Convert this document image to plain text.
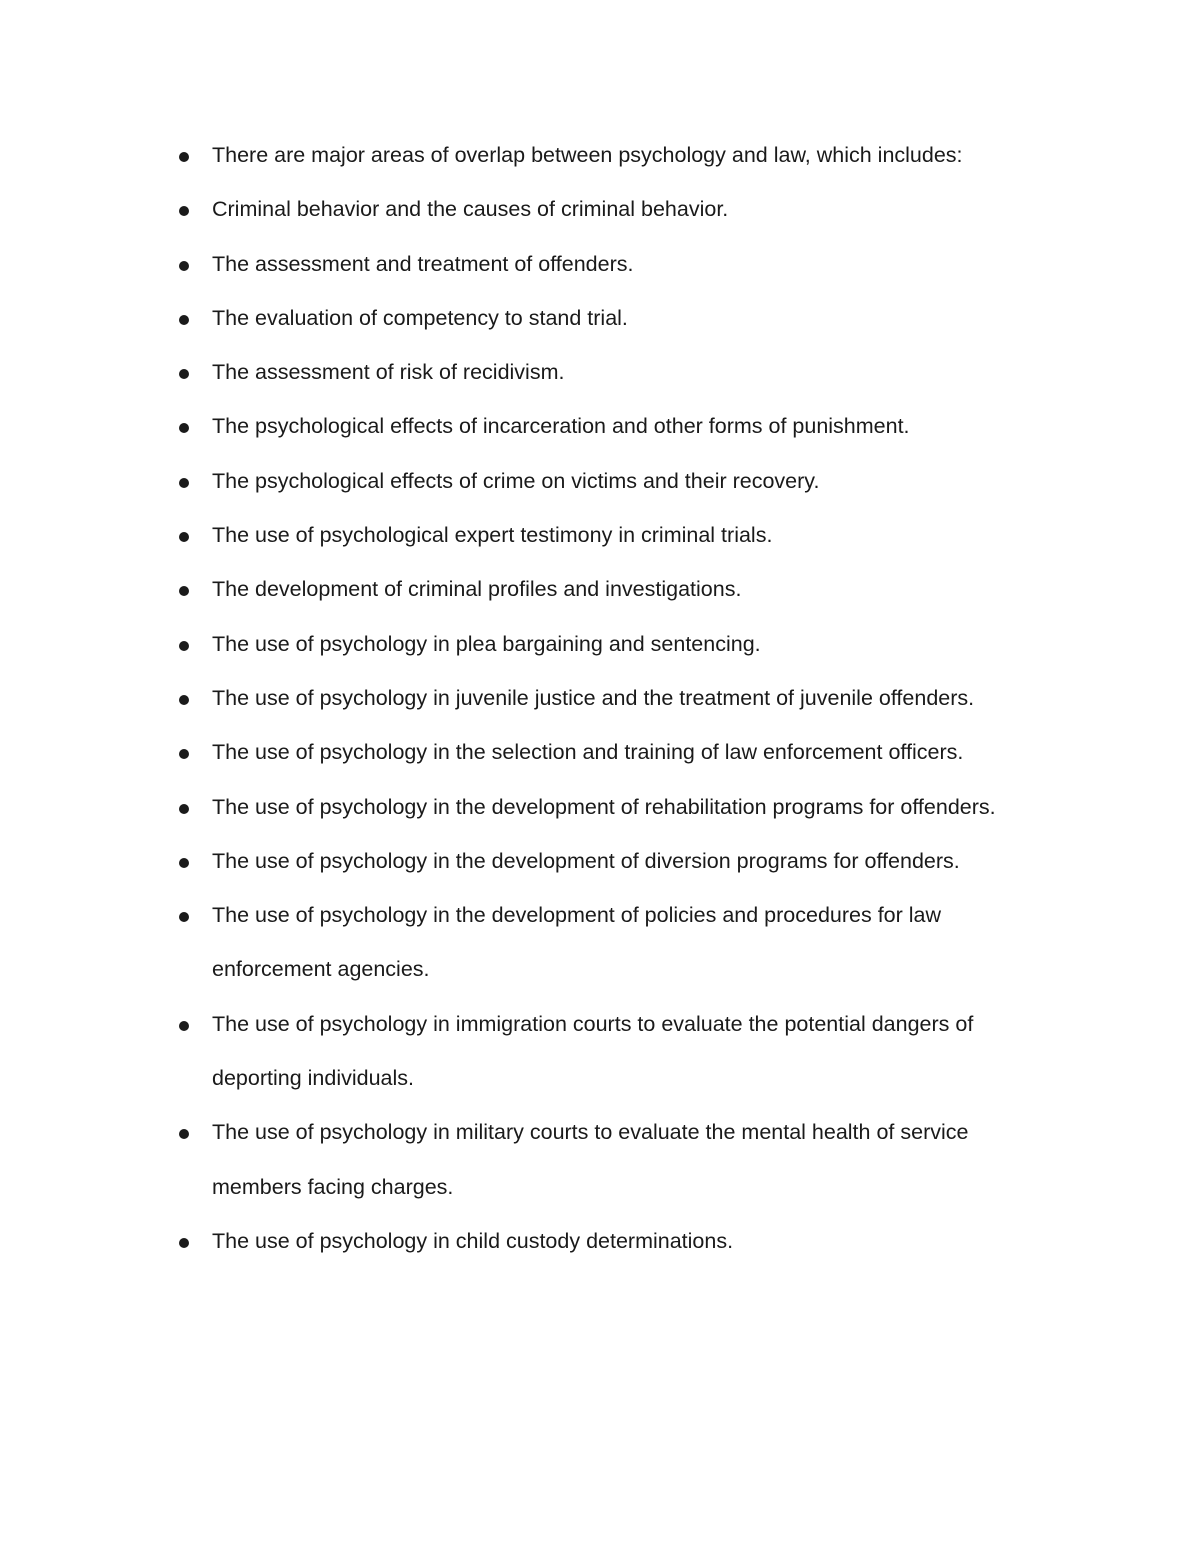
There are major areas of overlap between psychology and law, which includes:
Criminal behavior and the causes of criminal behavior.
The assessment and treatment of offenders.
The evaluation of competency to stand trial.
The assessment of risk of recidivism.
The psychological effects of incarceration and other forms of punishment.
The psychological effects of crime on victims and their recovery.
The use of psychological expert testimony in criminal trials.
The development of criminal profiles and investigations.
The use of psychology in plea bargaining and sentencing.
The use of psychology in juvenile justice and the treatment of juvenile offenders.
The use of psychology in the selection and training of law enforcement officers.
The use of psychology in the development of rehabilitation programs for offenders.
The use of psychology in the development of diversion programs for offenders.
The use of psychology in the development of policies and procedures for law enforcement agencies.
The use of psychology in immigration courts to evaluate the potential dangers of deporting individuals.
The use of psychology in military courts to evaluate the mental health of service members facing charges.
The use of psychology in child custody determinations.
